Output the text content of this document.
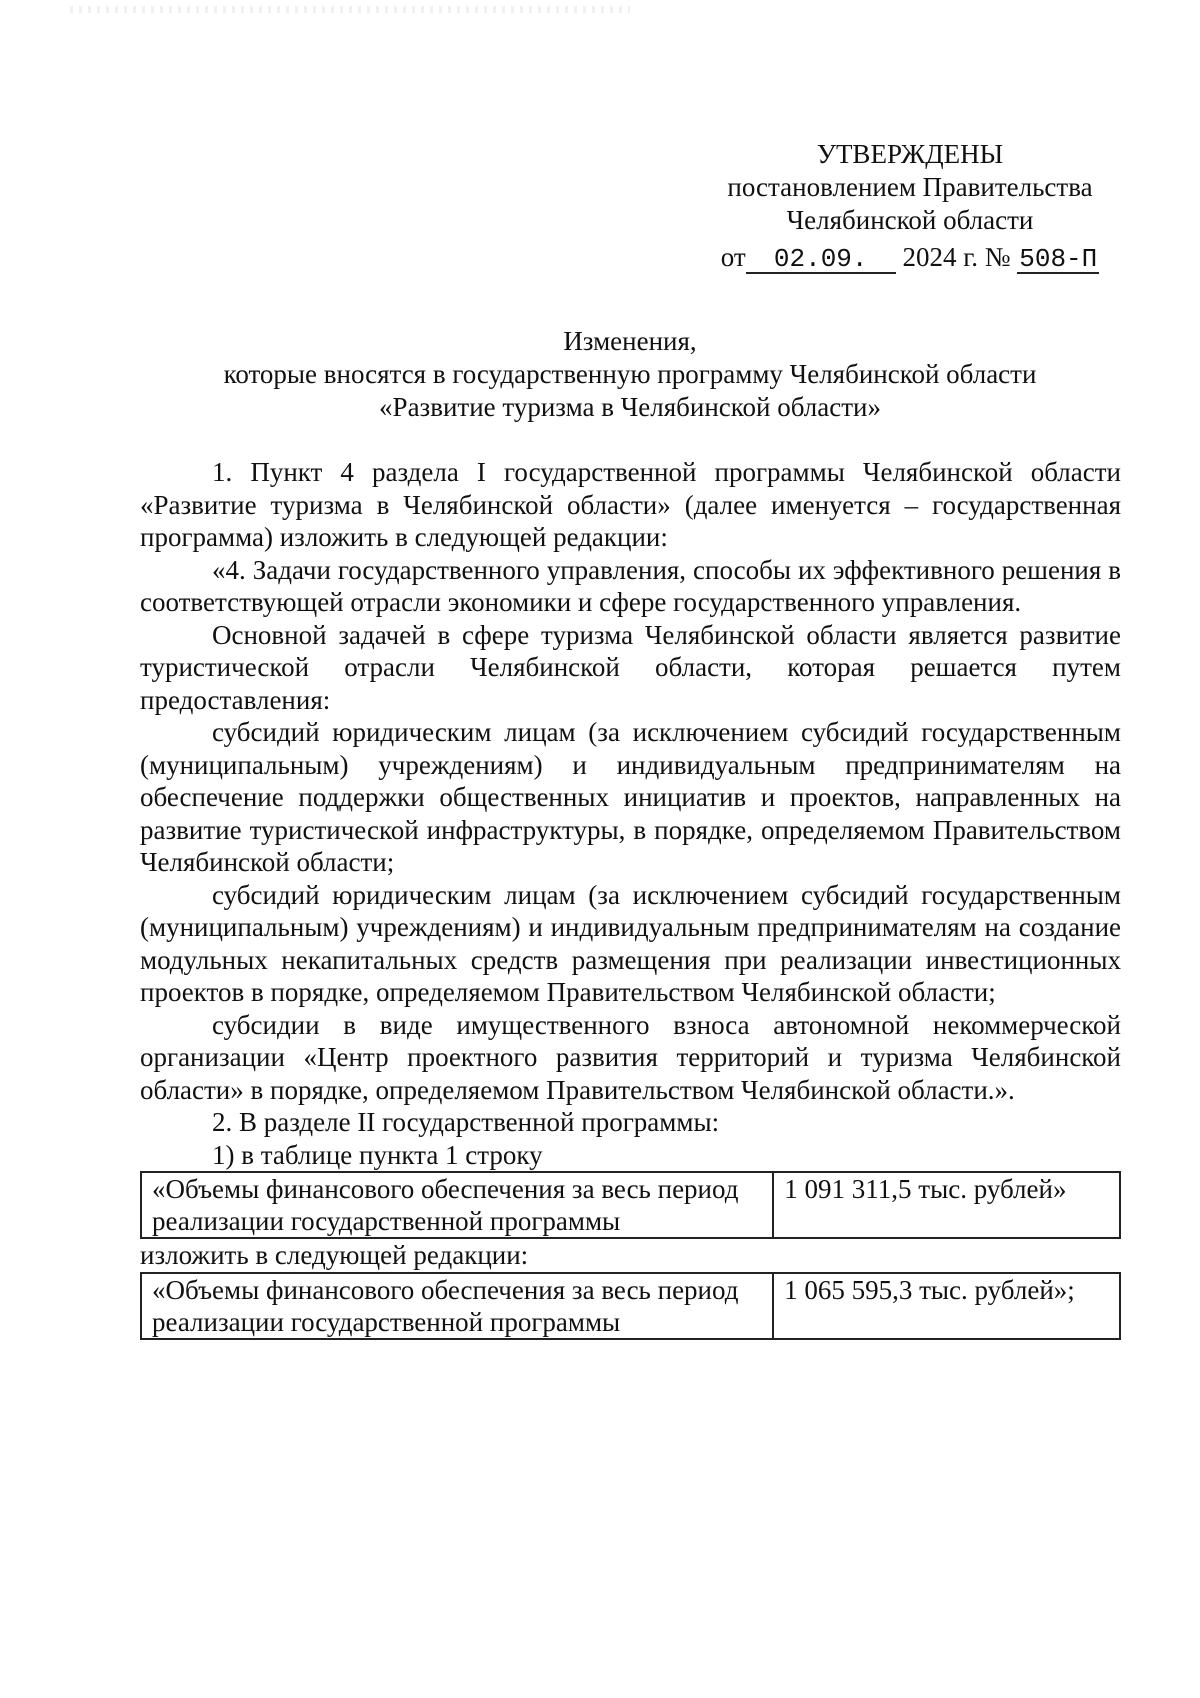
УТВЕРЖДЕНЫ
постановлением Правительства
Челябинской области
от 02.09. 2024 г. № 508-П
Изменения,
которые вносятся в государственную программу Челябинской области
«Развитие туризма в Челябинской области»

1. Пункт 4 раздела I государственной программы Челябинской области «Развитие туризма в Челябинской области» (далее именуется – государственная программа) изложить в следующей редакции:

«4. Задачи государственного управления, способы их эффективного решения в соответствующей отрасли экономики и сфере государственного управления.

Основной задачей в сфере туризма Челябинской области является развитие туристической отрасли Челябинской области, которая решается путем предоставления:

субсидий юридическим лицам (за исключением субсидий государственным (муниципальным) учреждениям) и индивидуальным предпринимателям на обеспечение поддержки общественных инициатив и проектов, направленных на развитие туристической инфраструктуры, в порядке, определяемом Правительством Челябинской области;

субсидий юридическим лицам (за исключением субсидий государственным (муниципальным) учреждениям) и индивидуальным предпринимателям на создание модульных некапитальных средств размещения при реализации инвестиционных проектов в порядке, определяемом Правительством Челябинской области;

субсидии в виде имущественного взноса автономной некоммерческой организации «Центр проектного развития территорий и туризма Челябинской области» в порядке, определяемом Правительством Челябинской области.».

2. В разделе II государственной программы:

1) в таблице пункта 1 строку

«Объемы финансового обеспечения за весь период реализации государственной программы	1 091 311,5 тыс. рублей»

изложить в следующей редакции:

«Объемы финансового обеспечения за весь период реализации государственной программы	1 065 595,3 тыс. рублей»;
